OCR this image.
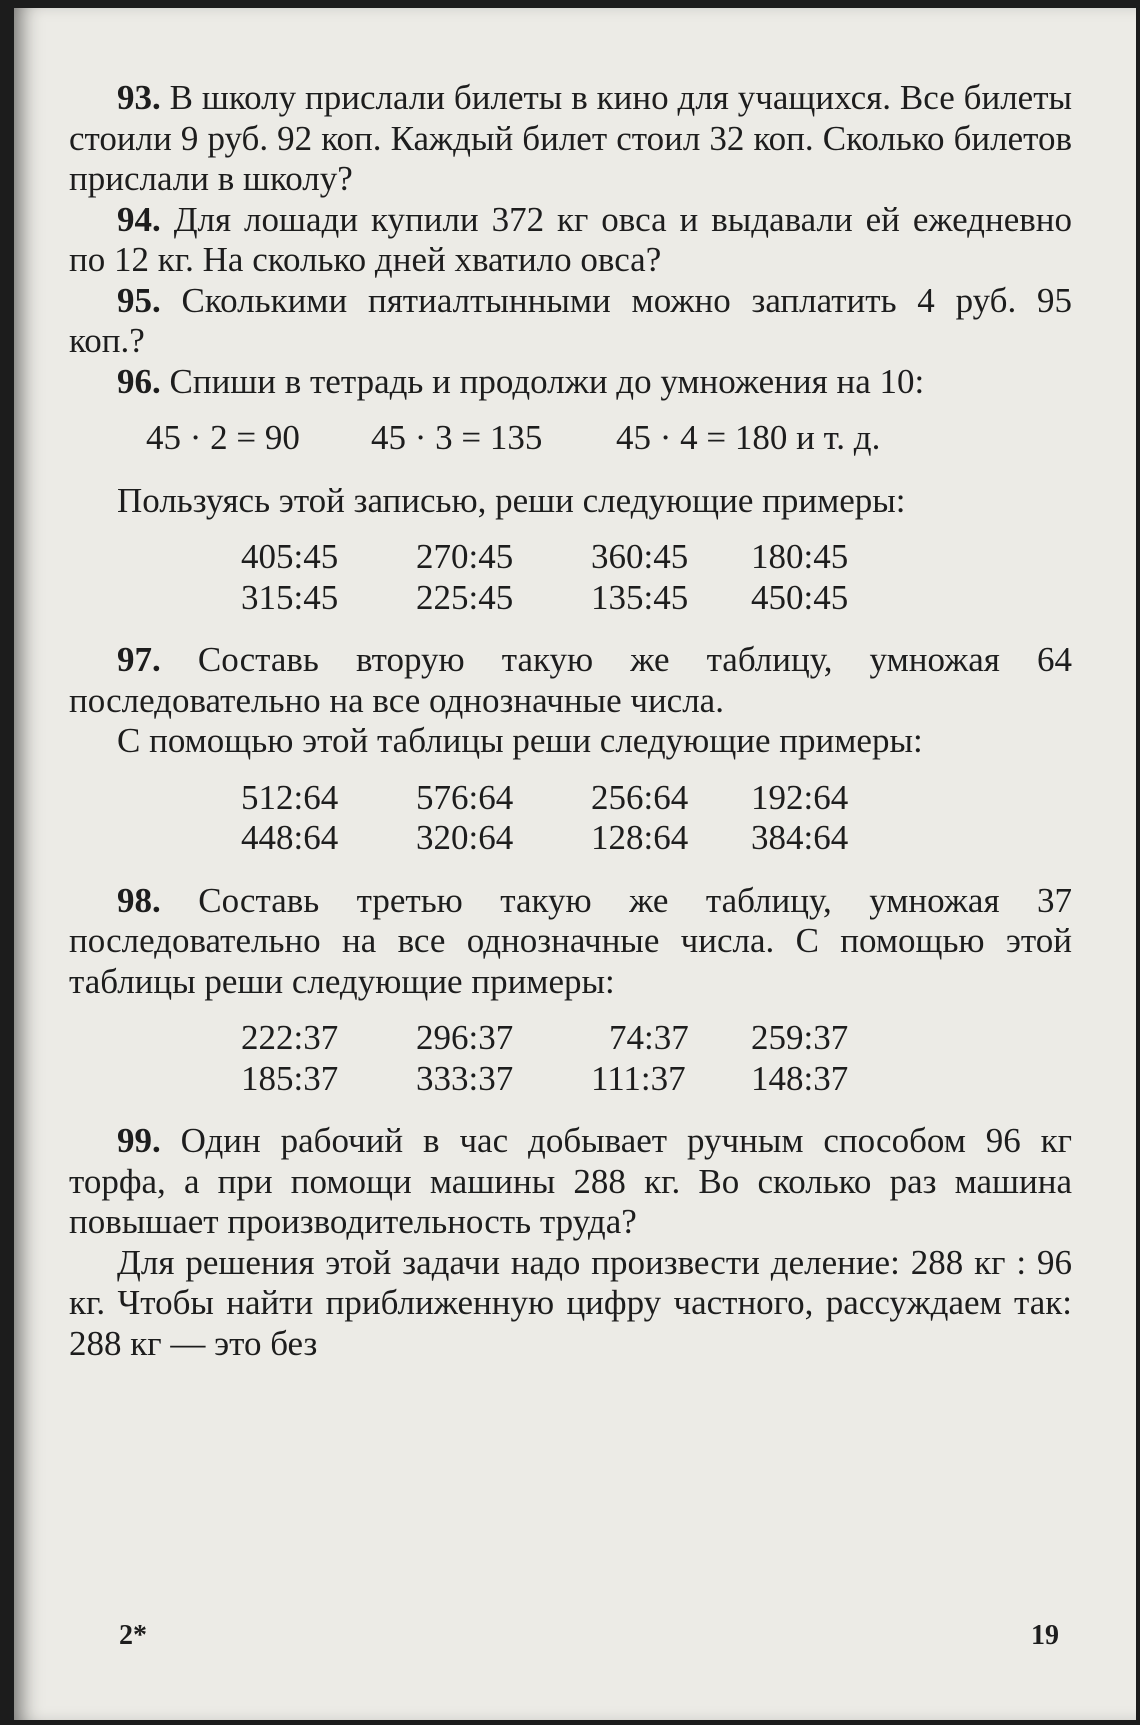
93. В школу прислали билеты в кино для учащихся. Все билеты стоили 9 руб. 92 коп. Каждый билет стоил 32 коп. Сколько билетов прислали в школу?

94. Для лошади купили 372 кг овса и выдавали ей ежедневно по 12 кг. На сколько дней хватило овса?

95. Сколькими пятиалтынными можно заплатить 4 руб. 95 коп.?

96. Спиши в тетрадь и продолжи до умножения на 10:

45 · 2 = 90	45 · 3 = 135	45 · 4 = 180 и т. д.

Пользуясь этой записью, реши следующие примеры:

405:45	270:45	360:45	180:45
315:45	225:45	135:45	450:45

97. Составь вторую такую же таблицу, умножая 64 последовательно на все однозначные числа.

С помощью этой таблицы реши следующие примеры:

512:64	576:64	256:64	192:64
448:64	320:64	128:64	384:64

98. Составь третью такую же таблицу, умножая 37 последовательно на все однозначные числа. С помощью этой таблицы реши следующие примеры:

222:37	296:37	74:37	259:37
185:37	333:37	111:37	148:37

99. Один рабочий в час добывает ручным способом 96 кг торфа, а при помощи машины 288 кг. Во сколько раз машина повышает производительность труда?

Для решения этой задачи надо произвести деление: 288 кг : 96 кг. Чтобы найти приближенную цифру частного, рассуждаем так: 288 кг — это без

2*	19
